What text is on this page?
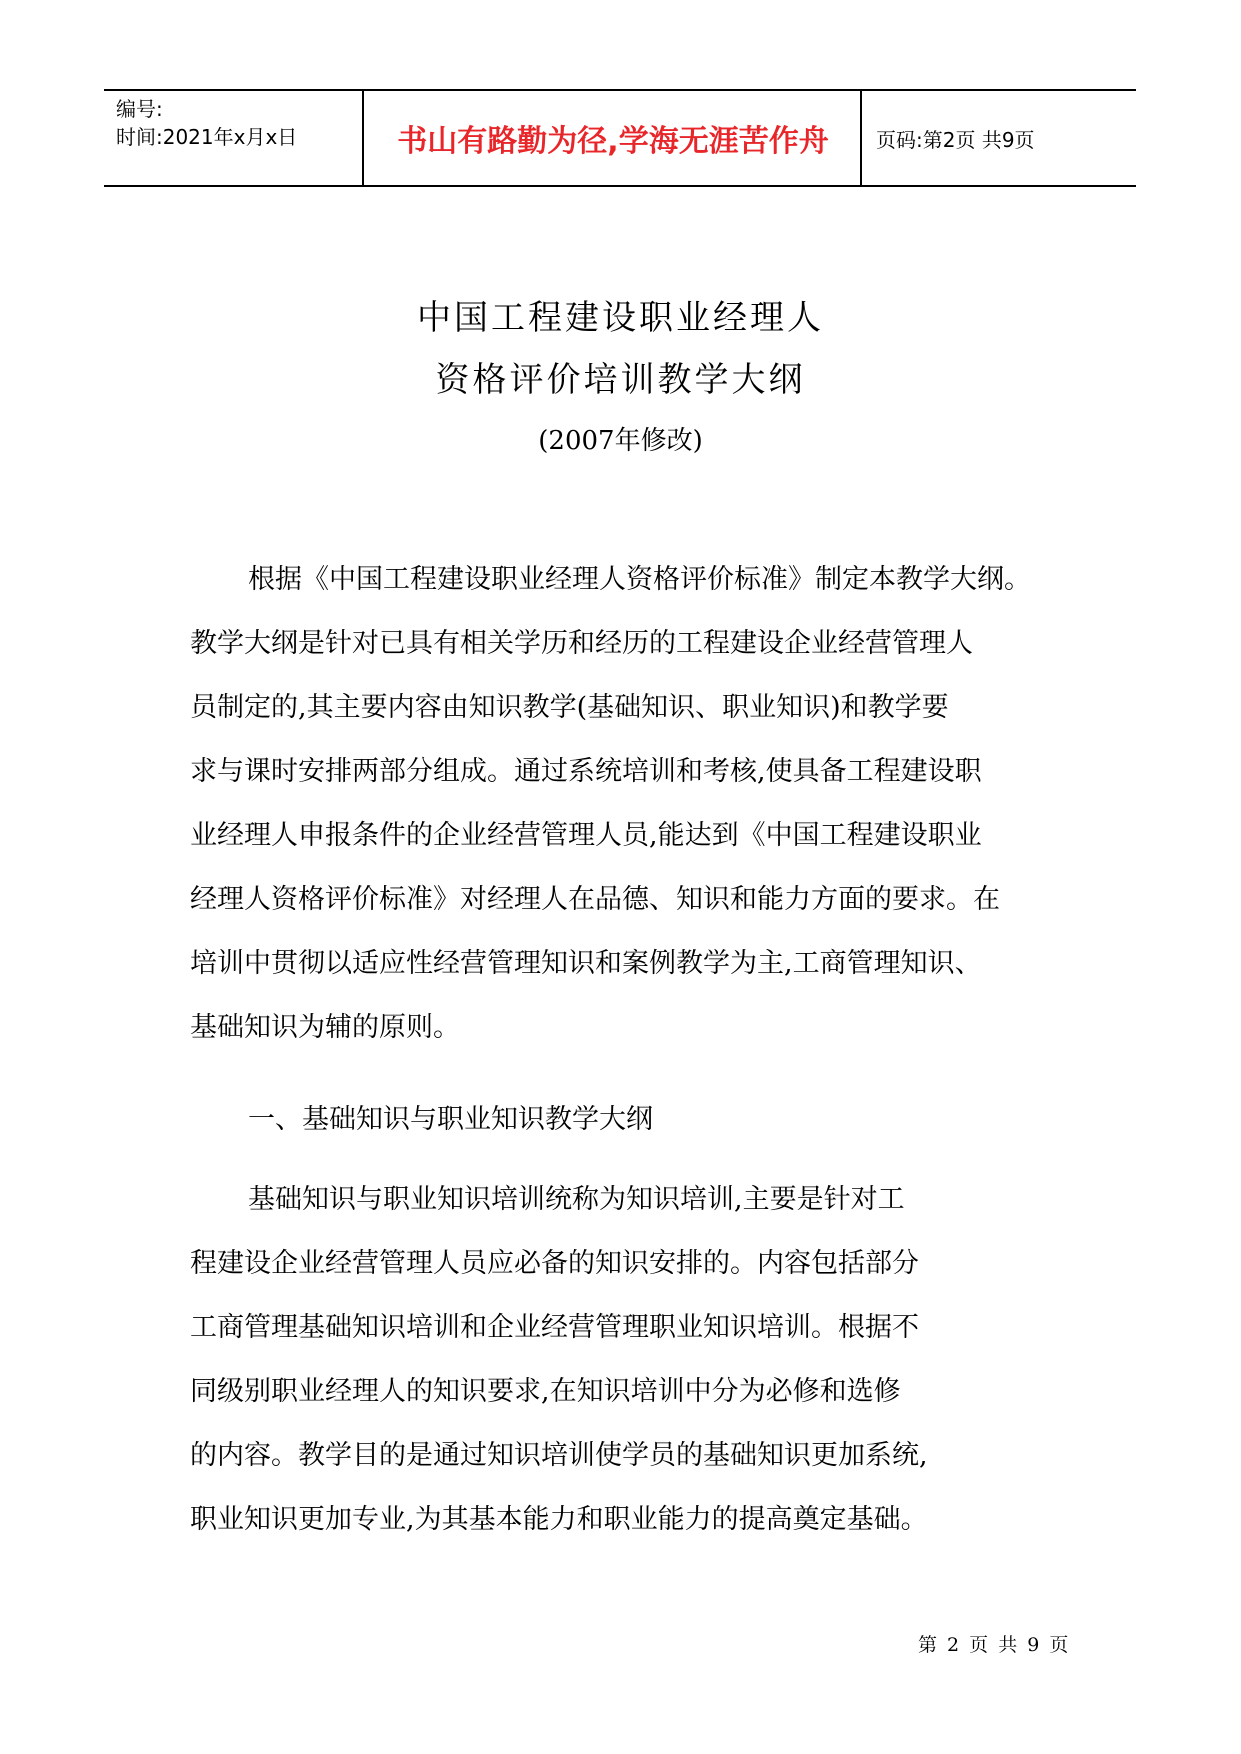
编号:
时间:2021年x月x日	书山有路勤为径,学海无涯苦作舟	页码:第2页 共9页
中国工程建设职业经理人
资格评价培训教学大纲
(2007年修改)
根据《中国工程建设职业经理人资格评价标准》制定本教学大纲。
教学大纲是针对已具有相关学历和经历的工程建设企业经营管理人
员制定的,其主要内容由知识教学(基础知识、职业知识)和教学要
求与课时安排两部分组成。通过系统培训和考核,使具备工程建设职
业经理人申报条件的企业经营管理人员,能达到《中国工程建设职业
经理人资格评价标准》对经理人在品德、知识和能力方面的要求。在
培训中贯彻以适应性经营管理知识和案例教学为主,工商管理知识、
基础知识为辅的原则。
一、基础知识与职业知识教学大纲
基础知识与职业知识培训统称为知识培训,主要是针对工
程建设企业经营管理人员应必备的知识安排的。内容包括部分
工商管理基础知识培训和企业经营管理职业知识培训。根据不
同级别职业经理人的知识要求,在知识培训中分为必修和选修
的内容。教学目的是通过知识培训使学员的基础知识更加系统,
职业知识更加专业,为其基本能力和职业能力的提高奠定基础。
第 2 页 共 9 页
